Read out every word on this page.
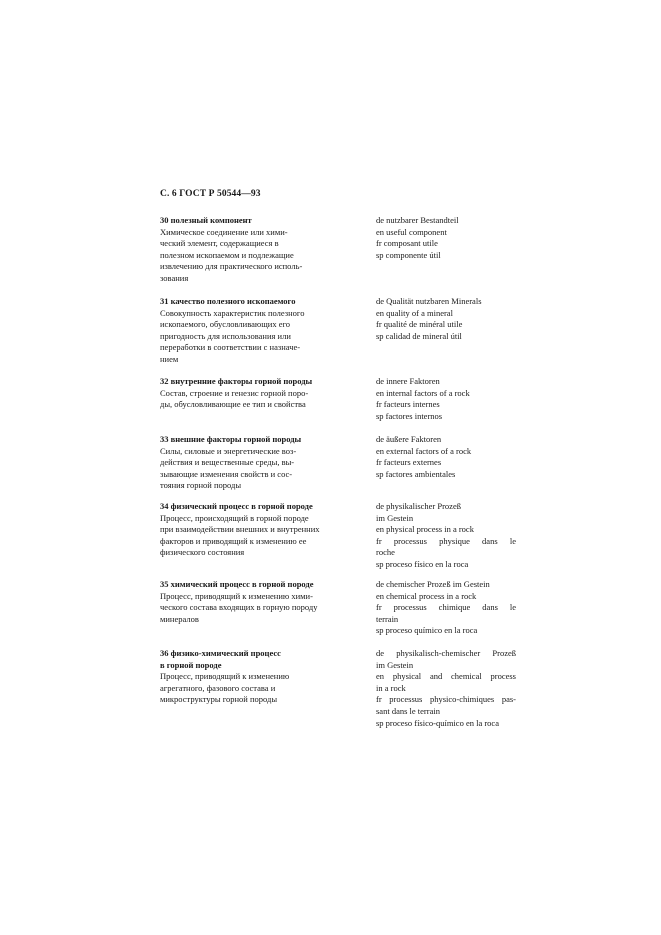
С. 6 ГОСТ Р 50544—93
30 полезный компонент
Химическое соединение или хими-
ческий элемент, содержащиеся в
полезном ископаемом и подлежащие
извлечению для практического исполь-
зования
de nutzbarer Bestandteil
en useful component
fr composant utile
sp componente útil
31 качество полезного ископаемого
Совокупность характеристик полезного
ископаемого, обусловливающих его
пригодность для использования или
переработки в соответствии с назначе-
нием
de Qualität nutzbaren Minerals
en quality of a mineral
fr qualité de minéral utile
sp calidad de mineral útil
32 внутренние факторы горной породы
Состав, строение и генезис горной поро-
ды, обусловливающие ее тип и свойства
de innere Faktoren
en internal factors of a rock
fr facteurs internes
sp factores internos
33 внешние факторы горной породы
Силы, силовые и энергетические воз-
действия и вещественные среды, вы-
зывающие изменения свойств и сос-
тояния горной породы
de äußere Faktoren
en external factors of a rock
fr facteurs externes
sp factores ambientales
34 физический процесс в горной породе
Процесс, происходящий в горной породе
при взаимодействии внешних и внутренних
факторов и приводящий к изменению ее
физического состояния
de physikalischer Prozeß
im Gestein
en physical process in a rock
fr processus physique dans le
roche
sp proceso físico en la roca
35 химический процесс в горной породе
Процесс, приводящий к изменению хими-
ческого состава входящих в горную породу
минералов
de chemischer Prozeß im Gestein
en chemical process in a rock
fr processus chimique dans le
terrain
sp proceso químico en la roca
36 физико-химический процесс
в горной породе
Процесс, приводящий к изменению
агрегатного, фазового состава и
микроструктуры горной породы
de physikalisch-chemischer Prozeß
im Gestein
en physical and chemical process
in a rock
fr processus physico-chimiques pas-
sant dans le terrain
sp proceso físico-químico en la roca
